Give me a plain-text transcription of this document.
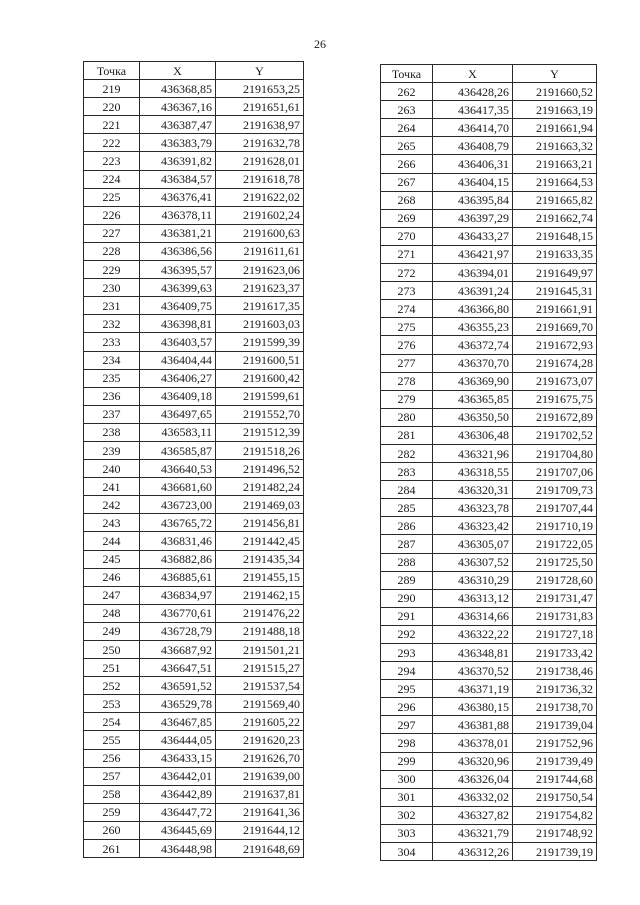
26
Точка	X	Y
219	436368,85	2191653,25
220	436367,16	2191651,61
221	436387,47	2191638,97
222	436383,79	2191632,78
223	436391,82	2191628,01
224	436384,57	2191618,78
225	436376,41	2191622,02
226	436378,11	2191602,24
227	436381,21	2191600,63
228	436386,56	2191611,61
229	436395,57	2191623,06
230	436399,63	2191623,37
231	436409,75	2191617,35
232	436398,81	2191603,03
233	436403,57	2191599,39
234	436404,44	2191600,51
235	436406,27	2191600,42
236	436409,18	2191599,61
237	436497,65	2191552,70
238	436583,11	2191512,39
239	436585,87	2191518,26
240	436640,53	2191496,52
241	436681,60	2191482,24
242	436723,00	2191469,03
243	436765,72	2191456,81
244	436831,46	2191442,45
245	436882,86	2191435,34
246	436885,61	2191455,15
247	436834,97	2191462,15
248	436770,61	2191476,22
249	436728,79	2191488,18
250	436687,92	2191501,21
251	436647,51	2191515,27
252	436591,52	2191537,54
253	436529,78	2191569,40
254	436467,85	2191605,22
255	436444,05	2191620,23
256	436433,15	2191626,70
257	436442,01	2191639,00
258	436442,89	2191637,81
259	436447,72	2191641,36
260	436445,69	2191644,12
261	436448,98	2191648,69
Точка	X	Y
262	436428,26	2191660,52
263	436417,35	2191663,19
264	436414,70	2191661,94
265	436408,79	2191663,32
266	436406,31	2191663,21
267	436404,15	2191664,53
268	436395,84	2191665,82
269	436397,29	2191662,74
270	436433,27	2191648,15
271	436421,97	2191633,35
272	436394,01	2191649,97
273	436391,24	2191645,31
274	436366,80	2191661,91
275	436355,23	2191669,70
276	436372,74	2191672,93
277	436370,70	2191674,28
278	436369,90	2191673,07
279	436365,85	2191675,75
280	436350,50	2191672,89
281	436306,48	2191702,52
282	436321,96	2191704,80
283	436318,55	2191707,06
284	436320,31	2191709,73
285	436323,78	2191707,44
286	436323,42	2191710,19
287	436305,07	2191722,05
288	436307,52	2191725,50
289	436310,29	2191728,60
290	436313,12	2191731,47
291	436314,66	2191731,83
292	436322,22	2191727,18
293	436348,81	2191733,42
294	436370,52	2191738,46
295	436371,19	2191736,32
296	436380,15	2191738,70
297	436381,88	2191739,04
298	436378,01	2191752,96
299	436320,96	2191739,49
300	436326,04	2191744,68
301	436332,02	2191750,54
302	436327,82	2191754,82
303	436321,79	2191748,92
304	436312,26	2191739,19
